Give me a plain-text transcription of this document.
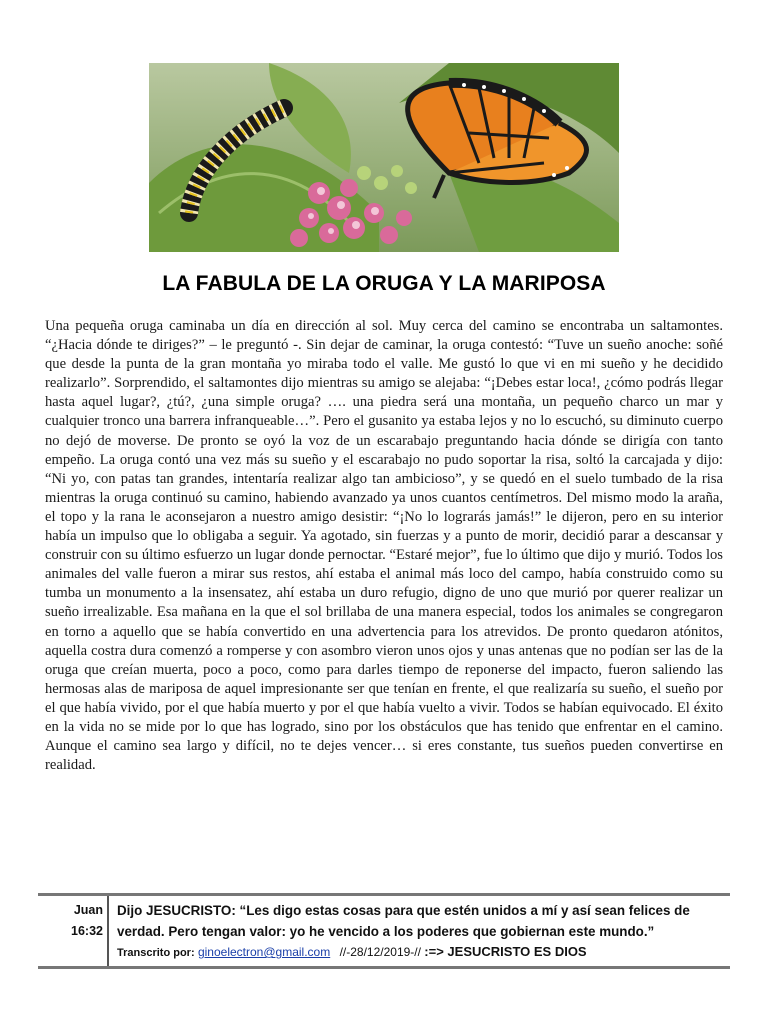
LA FABULA DE LA ORUGA Y LA MARIPOSA

Una pequeña oruga caminaba un día en dirección al sol. Muy cerca del camino se encontraba un saltamontes. “¿Hacia dónde te diriges?” – le preguntó -. Sin dejar de caminar, la oruga contestó: “Tuve un sueño anoche: soñé que desde la punta de la gran montaña yo miraba todo el valle. Me gustó lo que vi en mi sueño y he decidido realizarlo”. Sorprendido, el saltamontes dijo mientras su amigo se alejaba: “¡Debes estar loca!, ¿cómo podrás llegar hasta aquel lugar?, ¿tú?, ¿una simple oruga? …. una piedra será una montaña, un pequeño charco un mar y cualquier tronco una barrera infranqueable…”. Pero el gusanito ya estaba lejos y no lo escuchó, su diminuto cuerpo no dejó de moverse. De pronto se oyó la voz de un escarabajo preguntando hacia dónde se dirigía con tanto empeño. La oruga contó una vez más su sueño y el escarabajo no pudo soportar la risa, soltó la carcajada y dijo: “Ni yo, con patas tan grandes, intentaría realizar algo tan ambicioso”, y se quedó en el suelo tumbado de la risa mientras la oruga continuó su camino, habiendo avanzado ya unos cuantos centímetros. Del mismo modo la araña, el topo y la rana le aconsejaron a nuestro amigo desistir: “¡No lo lograrás jamás!” le dijeron, pero en su interior había un impulso que lo obligaba a seguir. Ya agotado, sin fuerzas y a punto de morir, decidió parar a descansar y construir con su último esfuerzo un lugar donde pernoctar. “Estaré mejor”, fue lo último que dijo y murió. Todos los animales del valle fueron a mirar sus restos, ahí estaba el animal más loco del campo, había construido como su tumba un monumento a la insensatez, ahí estaba un duro refugio, digno de uno que murió por querer realizar un sueño irrealizable. Esa mañana en la que el sol brillaba de una manera especial, todos los animales se congregaron en torno a aquello que se había convertido en una advertencia para los atrevidos. De pronto quedaron atónitos, aquella costra dura comenzó a romperse y con asombro vieron unos ojos y unas antenas que no podían ser las de la oruga que creían muerta, poco a poco, como para darles tiempo de reponerse del impacto, fueron saliendo las hermosas alas de mariposa de aquel impresionante ser que tenían en frente, el que realizaría su sueño, el sueño por el que había vivido, por el que había muerto y por el que había vuelto a vivir. Todos se habían equivocado. El éxito en la vida no se mide por lo que has logrado, sino por los obstáculos que has tenido que enfrentar en el camino. Aunque el camino sea largo y difícil, no te dejes vencer… si eres constante, tus sueños pueden convertirse en realidad.

Juan
16:32
Dijo JESUCRISTO: “Les digo estas cosas para que estén unidos a mí y así sean felices de verdad. Pero tengan valor: yo he vencido a los poderes que gobiernan este mundo.”
Transcrito por: ginoelectron@gmail.com //-28/12/2019-// :=> JESUCRISTO ES DIOS
